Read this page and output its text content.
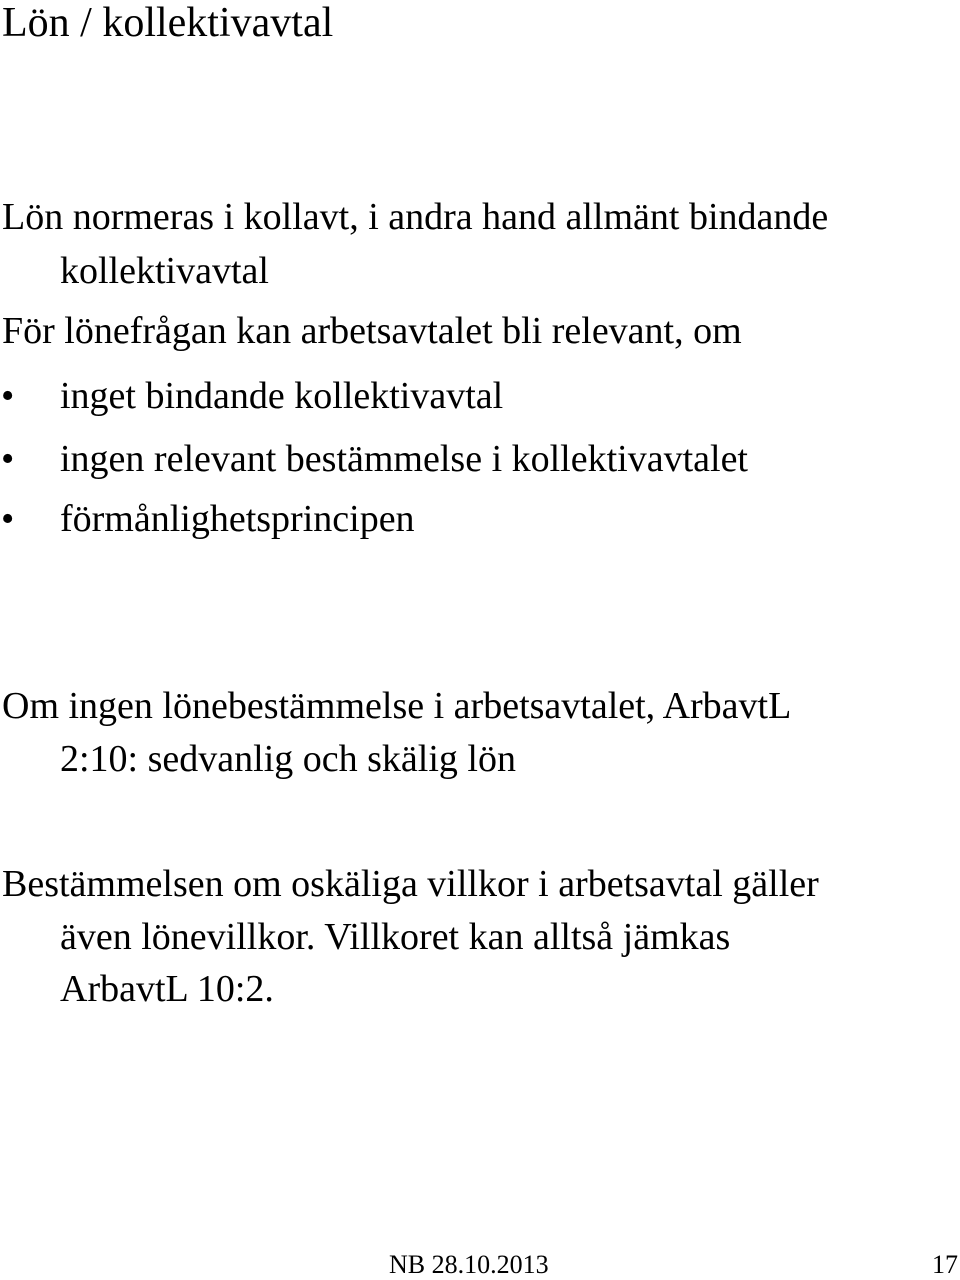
Lön / kollektivavtal
Lön normeras i kollavt, i andra hand allmänt bindande
kollektivavtal
För lönefrågan kan arbetsavtalet bli relevant, om
• inget bindande kollektivavtal
• ingen relevant bestämmelse i kollektivavtalet
• förmånlighetsprincipen
Om ingen lönebestämmelse i arbetsavtalet, ArbavtL
2:10: sedvanlig och skälig lön
Bestämmelsen om oskäliga villkor i arbetsavtal gäller
även lönevillkor. Villkoret kan alltså jämkas
ArbavtL 10:2.
NB 28.10.2013	17
